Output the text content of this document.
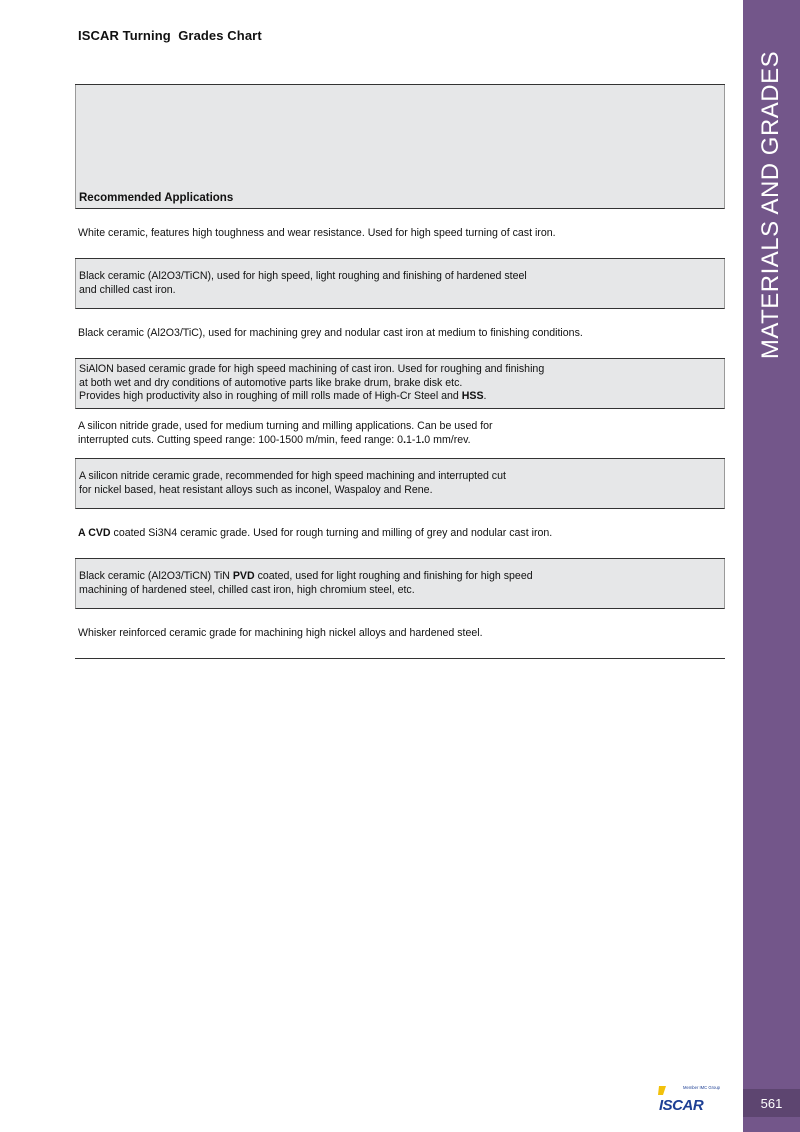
ISCAR Turning  Grades Chart
Recommended Applications
White ceramic, features high toughness and wear resistance. Used for high speed turning of cast iron.
Black ceramic (Al2O3/TiCN), used for high speed, light roughing and finishing of hardened steel
and chilled cast iron.
Black ceramic (Al2O3/TiC), used for machining grey and nodular cast iron at medium to finishing conditions.
SiAlON based ceramic grade for high speed machining of cast iron. Used for roughing and finishing
at both wet and dry conditions of automotive parts like brake drum, brake disk etc.
Provides high productivity also in roughing of mill rolls made of High-Cr Steel and HSS.
A silicon nitride grade, used for medium turning and milling applications. Can be used for
interrupted cuts. Cutting speed range: 100-1500 m/min, feed range: 0.1-1.0 mm/rev.
A silicon nitride ceramic grade, recommended for high speed machining and interrupted cut
for nickel based, heat resistant alloys such as inconel, Waspaloy and Rene.
A CVD coated Si3N4 ceramic grade. Used for rough turning and milling of grey and nodular cast iron.
Black ceramic (Al2O3/TiCN) TiN PVD coated, used for light roughing and finishing for high speed
machining of hardened steel, chilled cast iron, high chromium steel, etc.
Whisker reinforced ceramic grade for machining high nickel alloys and hardened steel.
MATERIALS AND GRADES
561
Member IMC Group
ISCAR
